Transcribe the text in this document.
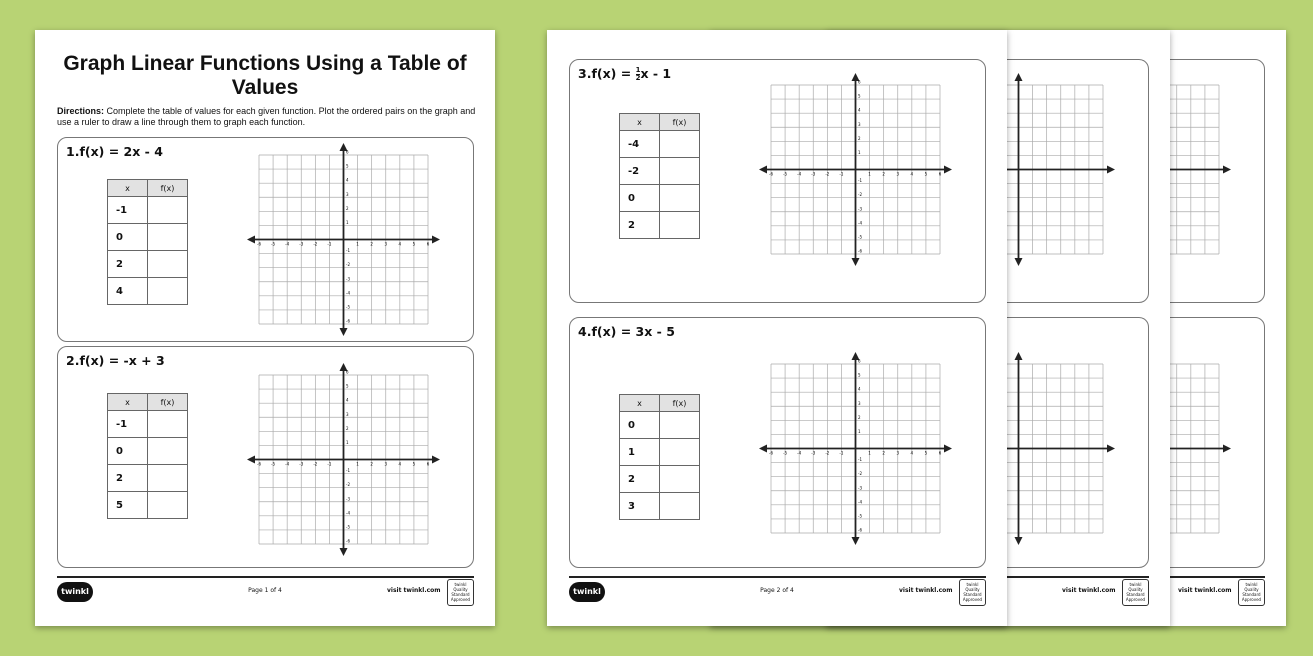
visit twinkl.com
twinkl Quality Standard Approved
visit twinkl.com
twinkl Quality Standard Approved
$3.f(x) = \frac{1}{2}$ x - 1
x	f(x)
-4	
-2	
0	
2	
-6
-6
-5
-5
-4
-4
-3
-3
-2
-2
-1
-1
1
1
2
2
3
3
4
4
5
5
6
6
4.f(x) = 3x - 5
x	f(x)
0	
1	
2	
3	
-6
-6
-5
-5
-4
-4
-3
-3
-2
-2
-1
-1
1
1
2
2
3
3
4
4
5
5
6
6
twinkl	Page 2 of 4	visit twinkl.com
twinkl Quality Standard Approved
Graph Linear Functions Using a Table of Values
Directions: Complete the table of values for each given function. Plot the ordered pairs on the graph and use a ruler to draw a line through them to graph each function.
1.f(x) = 2x - 4
x	f(x)
-1	
0	
2	
4	
-6
-6
-5
-5
-4
-4
-3
-3
-2
-2
-1
-1
1
1
2
2
3
3
4
4
5
5
6
6
2.f(x) = -x + 3
x	f(x)
-1	
0	
2	
5	
-6
-6
-5
-5
-4
-4
-3
-3
-2
-2
-1
-1
1
1
2
2
3
3
4
4
5
5
6
6
twinkl	Page 1 of 4	visit twinkl.com
twinkl Quality Standard Approved
